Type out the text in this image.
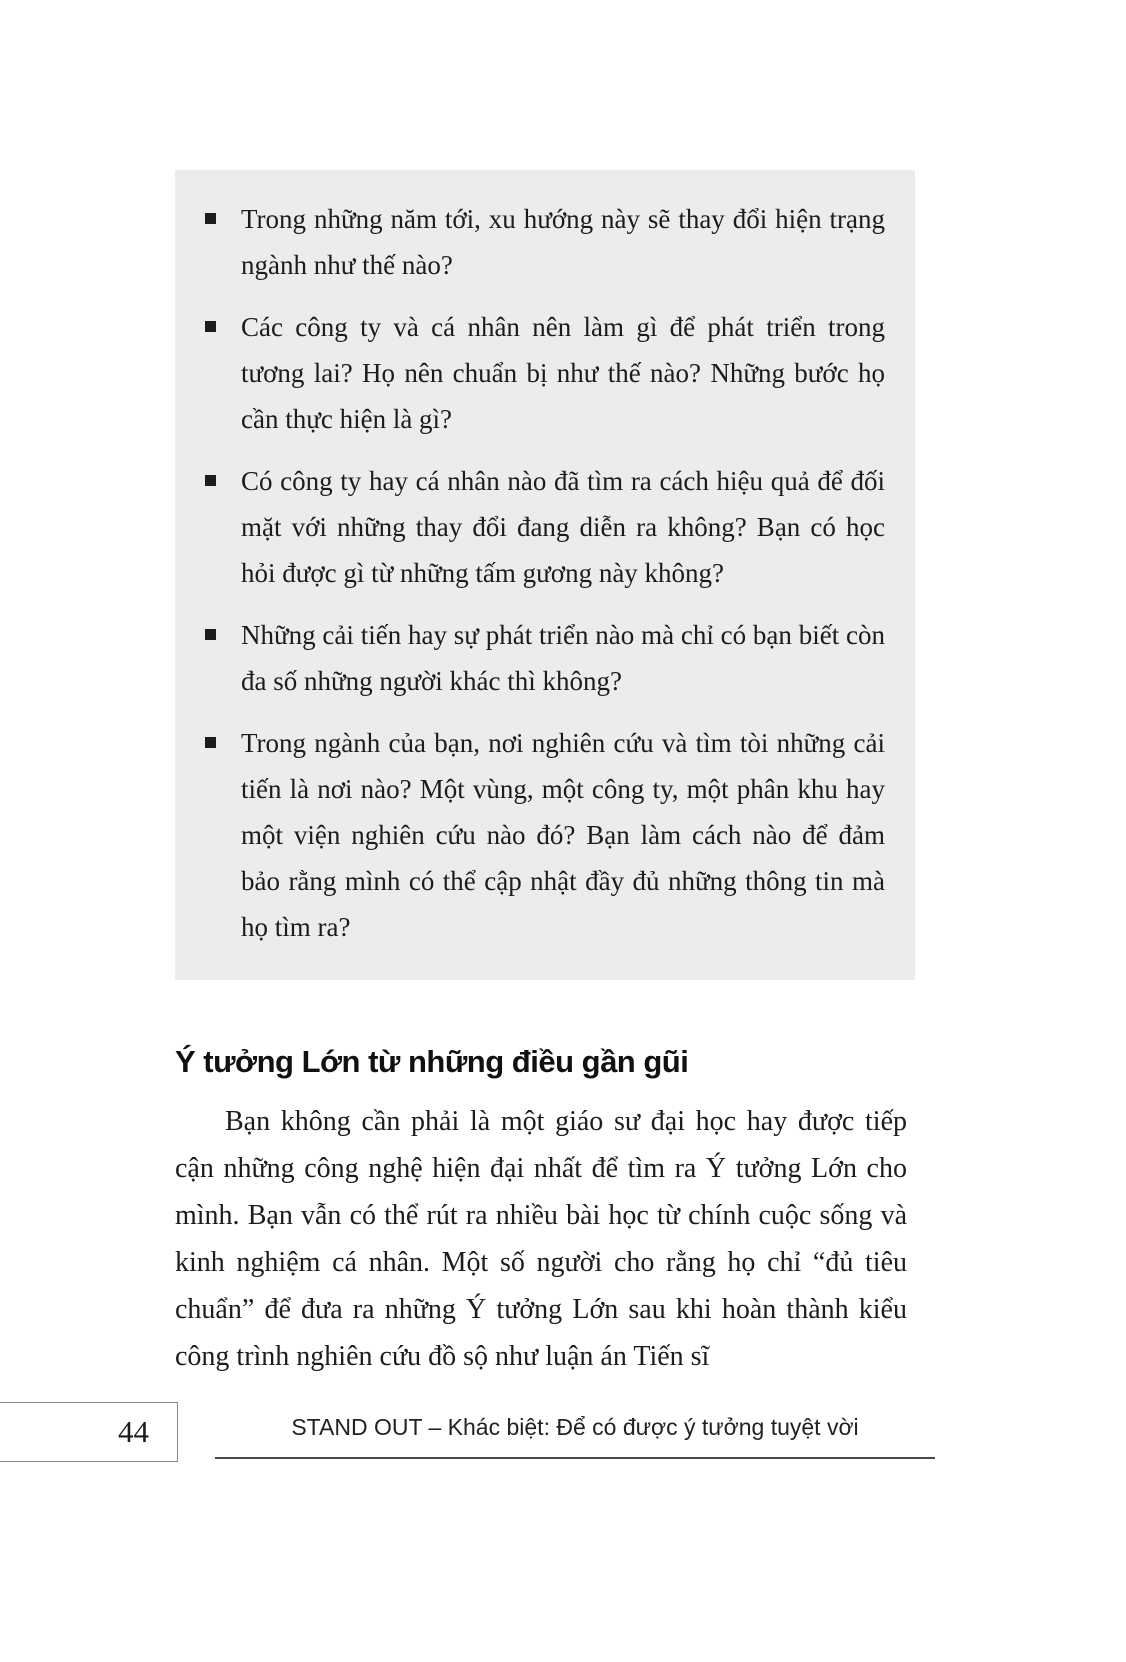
Trong những năm tới, xu hướng này sẽ thay đổi hiện trạng ngành như thế nào?
Các công ty và cá nhân nên làm gì để phát triển trong tương lai? Họ nên chuẩn bị như thế nào? Những bước họ cần thực hiện là gì?
Có công ty hay cá nhân nào đã tìm ra cách hiệu quả để đối mặt với những thay đổi đang diễn ra không? Bạn có học hỏi được gì từ những tấm gương này không?
Những cải tiến hay sự phát triển nào mà chỉ có bạn biết còn đa số những người khác thì không?
Trong ngành của bạn, nơi nghiên cứu và tìm tòi những cải tiến là nơi nào? Một vùng, một công ty, một phân khu hay một viện nghiên cứu nào đó? Bạn làm cách nào để đảm bảo rằng mình có thể cập nhật đầy đủ những thông tin mà họ tìm ra?
Ý tưởng Lớn từ những điều gần gũi

Bạn không cần phải là một giáo sư đại học hay được tiếp cận những công nghệ hiện đại nhất để tìm ra Ý tưởng Lớn cho mình. Bạn vẫn có thể rút ra nhiều bài học từ chính cuộc sống và kinh nghiệm cá nhân. Một số người cho rằng họ chỉ “đủ tiêu chuẩn” để đưa ra những Ý tưởng Lớn sau khi hoàn thành kiểu công trình nghiên cứu đồ sộ như luận án Tiến sĩ

44	STAND OUT – Khác biệt: Để có được ý tưởng tuyệt vời
